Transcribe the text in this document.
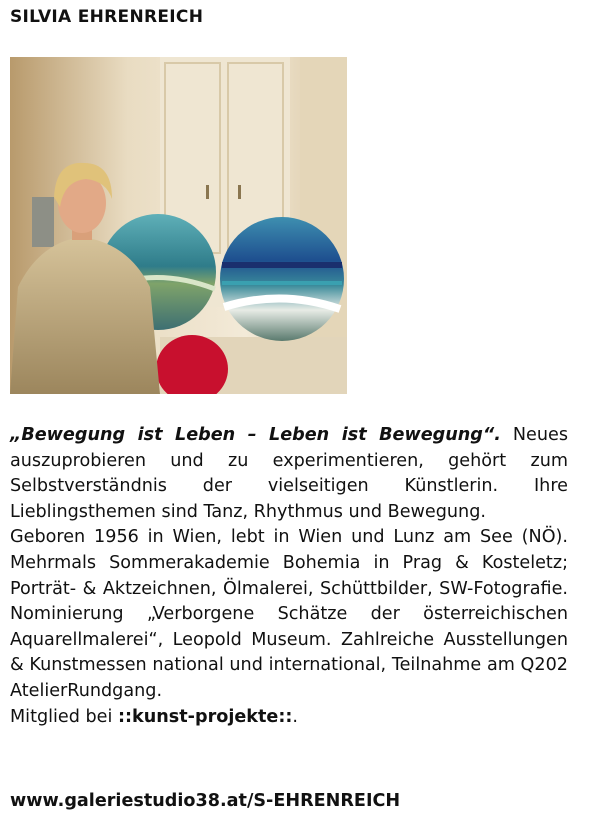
SILVIA EHRENREICH

„Bewegung ist Leben – Leben ist Bewegung“. Neues auszuprobieren und zu experimentieren, gehört zum Selbstverständnis der vielseitigen Künstlerin. Ihre Lieblingsthemen sind Tanz, Rhythmus und Bewegung.

Geboren 1956 in Wien, lebt in Wien und Lunz am See (NÖ). Mehrmals Sommerakademie Bohemia in Prag & Kosteletz; Porträt- & Aktzeichnen, Ölmalerei, Schüttbilder, SW-Fotografie. Nominierung „Verborgene Schätze der österreichischen Aquarellmalerei“, Leopold Museum. Zahlreiche Ausstellungen & Kunstmessen national und international, Teilnahme am Q202 AtelierRundgang.

Mitglied bei ::kunst-projekte::.

www.galeriestudio38.at/S-EHRENREICH
